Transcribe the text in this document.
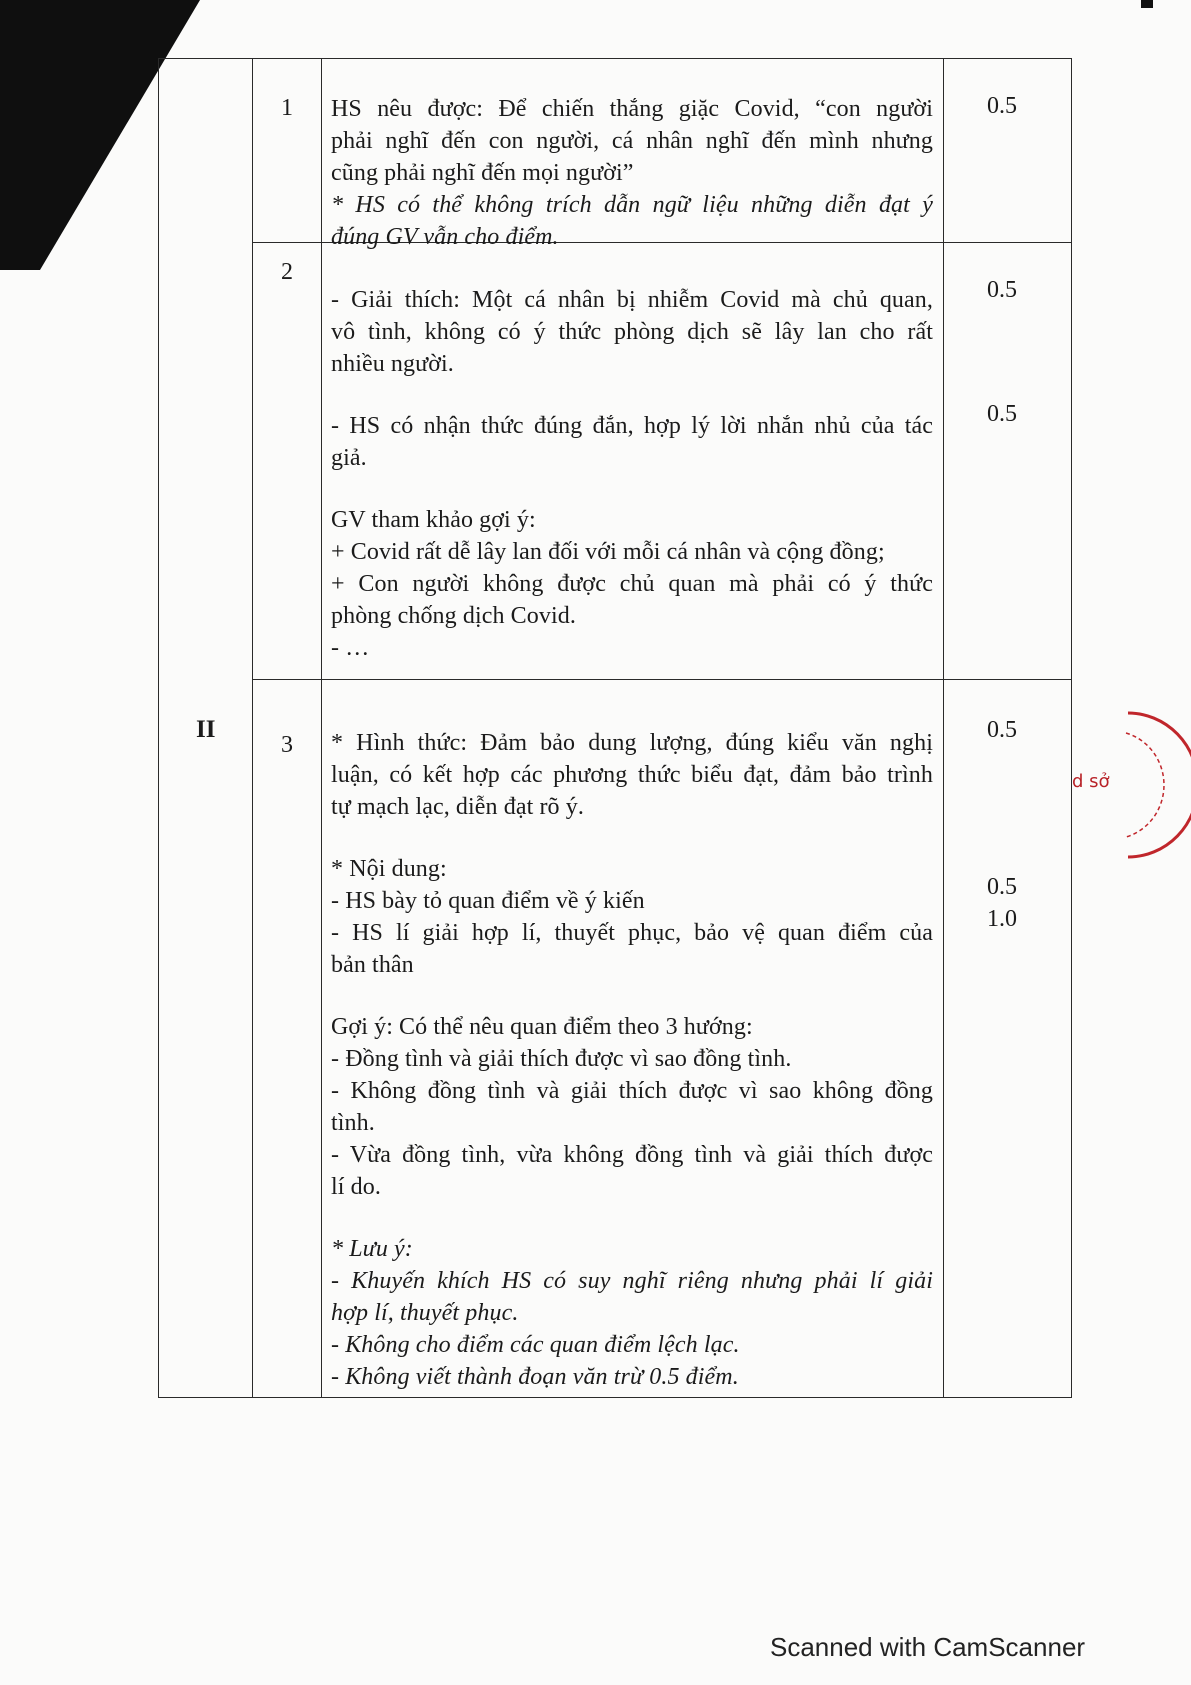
II
1
2
3
HS nêu được: Để chiến thắng giặc Covid, “con người
phải nghĩ đến con người, cá nhân nghĩ đến mình nhưng
cũng phải nghĩ đến mọi người”
* HS có thể không trích dẫn ngữ liệu những diễn đạt ý
đúng GV vẫn cho điểm.
- Giải thích: Một cá nhân bị nhiễm Covid mà chủ quan,
vô tình, không có ý thức phòng dịch sẽ lây lan cho rất
nhiều người.
- HS có nhận thức đúng đắn, hợp lý lời nhắn nhủ của tác
giả.
GV tham khảo gợi ý:
+ Covid rất dễ lây lan đối với mỗi cá nhân và cộng đồng;
+ Con người không được chủ quan mà phải có ý thức
phòng chống dịch Covid.
- …
* Hình thức: Đảm bảo dung lượng, đúng kiểu văn nghị
luận, có kết hợp các phương thức biểu đạt, đảm bảo trình
tự mạch lạc, diễn đạt rõ ý.
* Nội dung:
- HS bày tỏ quan điểm về ý kiến
- HS lí giải hợp lí, thuyết phục, bảo vệ quan điểm của
bản thân
Gợi ý: Có thể nêu quan điểm theo 3 hướng:
- Đồng tình và giải thích được vì sao đồng tình.
- Không đồng tình và giải thích được vì sao không đồng
tình.
- Vừa đồng tình, vừa không đồng tình và giải thích được
lí do.
* Lưu ý:
- Khuyến khích HS có suy nghĩ riêng nhưng phải lí giải
hợp lí, thuyết phục.
- Không cho điểm các quan điểm lệch lạc.
- Không viết thành đoạn văn trừ 0.5 điểm.
0.5
0.5
0.5
0.5
0.5
1.0
d sở
Scanned with CamScanner
